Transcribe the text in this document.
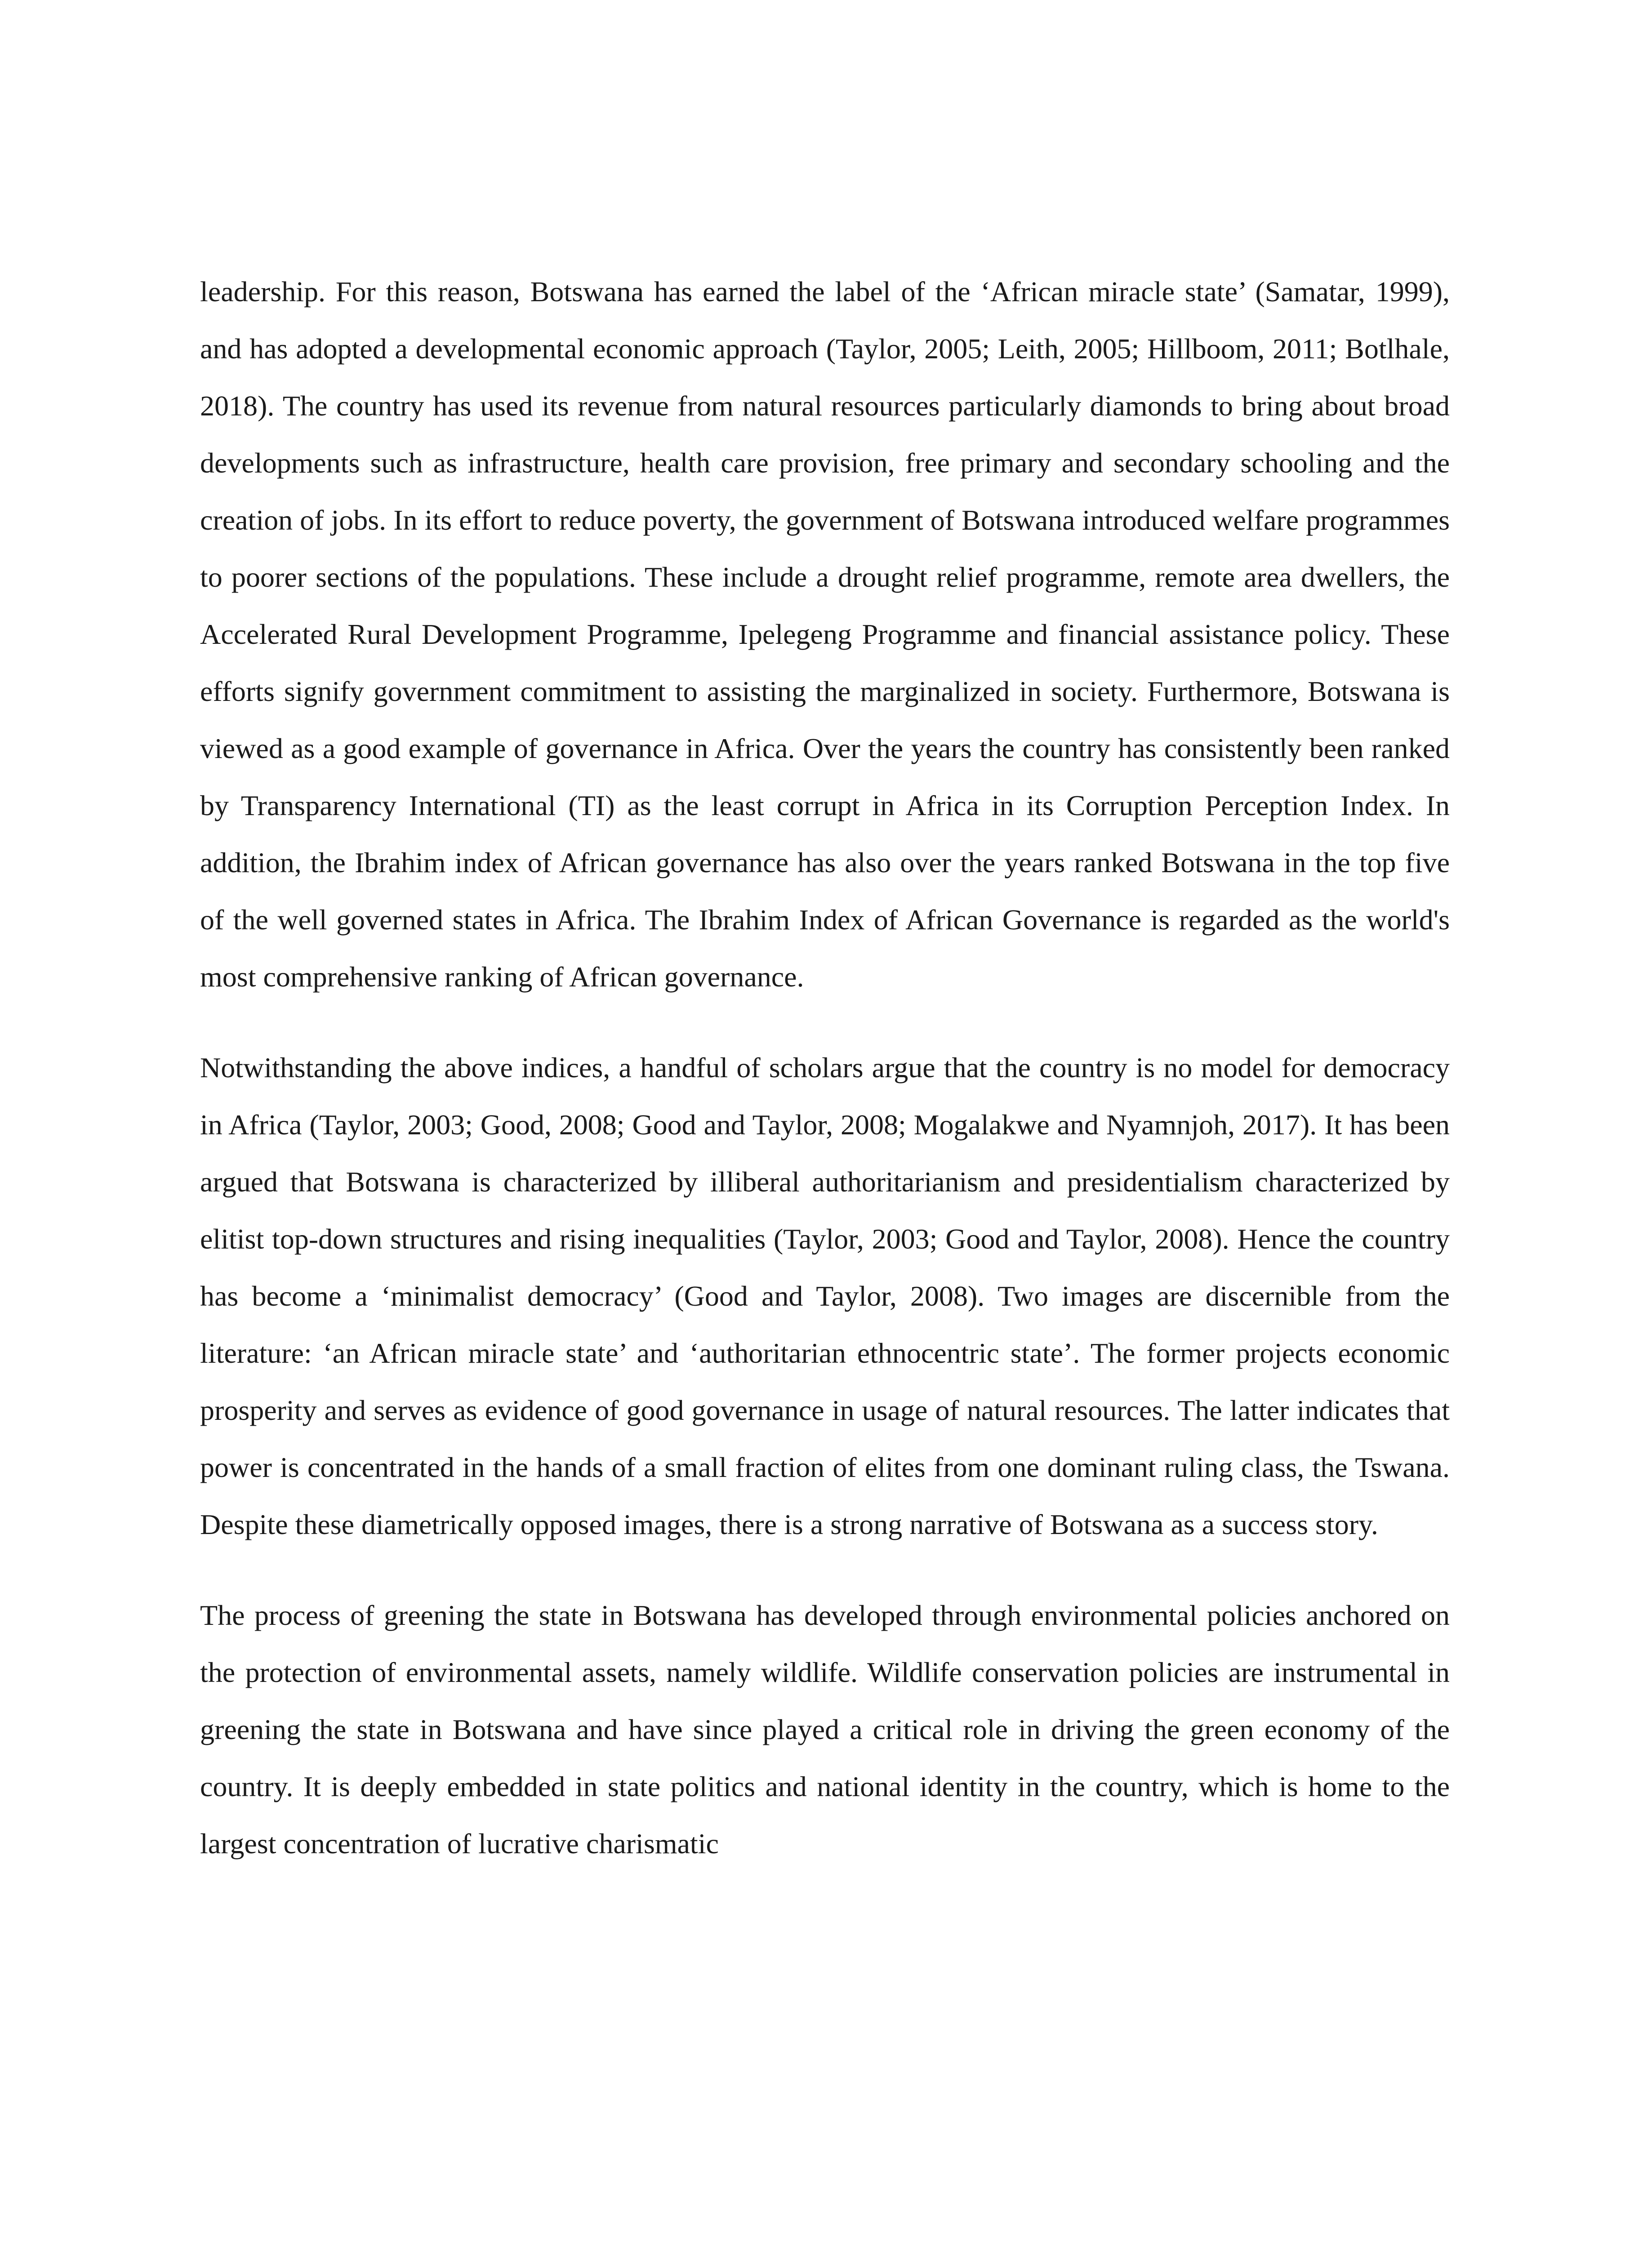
leadership. For this reason, Botswana has earned the label of the ‘African miracle state’ (Samatar, 1999), and has adopted a developmental economic approach (Taylor, 2005; Leith, 2005; Hillboom, 2011; Botlhale, 2018). The country has used its revenue from natural resources particularly diamonds to bring about broad developments such as infrastructure, health care provision, free primary and secondary schooling and the creation of jobs. In its effort to reduce poverty, the government of Botswana introduced welfare programmes to poorer sections of the populations. These include a drought relief programme, remote area dwellers, the Accelerated Rural Development Programme, Ipelegeng Programme and financial assistance policy. These efforts signify government commitment to assisting the marginalized in society. Furthermore, Botswana is viewed as a good example of governance in Africa. Over the years the country has consistently been ranked by Transparency International (TI) as the least corrupt in Africa in its Corruption Perception Index. In addition, the Ibrahim index of African governance has also over the years ranked Botswana in the top five of the well governed states in Africa. The Ibrahim Index of African Governance is regarded as the world's most comprehensive ranking of African governance.

Notwithstanding the above indices, a handful of scholars argue that the country is no model for democracy in Africa (Taylor, 2003; Good, 2008; Good and Taylor, 2008; Mogalakwe and Nyamnjoh, 2017). It has been argued that Botswana is characterized by illiberal authoritarianism and presidentialism characterized by elitist top-down structures and rising inequalities (Taylor, 2003; Good and Taylor, 2008). Hence the country has become a ‘minimalist democracy’ (Good and Taylor, 2008). Two images are discernible from the literature: ‘an African miracle state’ and ‘authoritarian ethnocentric state’. The former projects economic prosperity and serves as evidence of good governance in usage of natural resources. The latter indicates that power is concentrated in the hands of a small fraction of elites from one dominant ruling class, the Tswana. Despite these diametrically opposed images, there is a strong narrative of Botswana as a success story.

The process of greening the state in Botswana has developed through environmental policies anchored on the protection of environmental assets, namely wildlife. Wildlife conservation policies are instrumental in greening the state in Botswana and have since played a critical role in driving the green economy of the country. It is deeply embedded in state politics and national identity in the country, which is home to the largest concentration of lucrative charismatic
